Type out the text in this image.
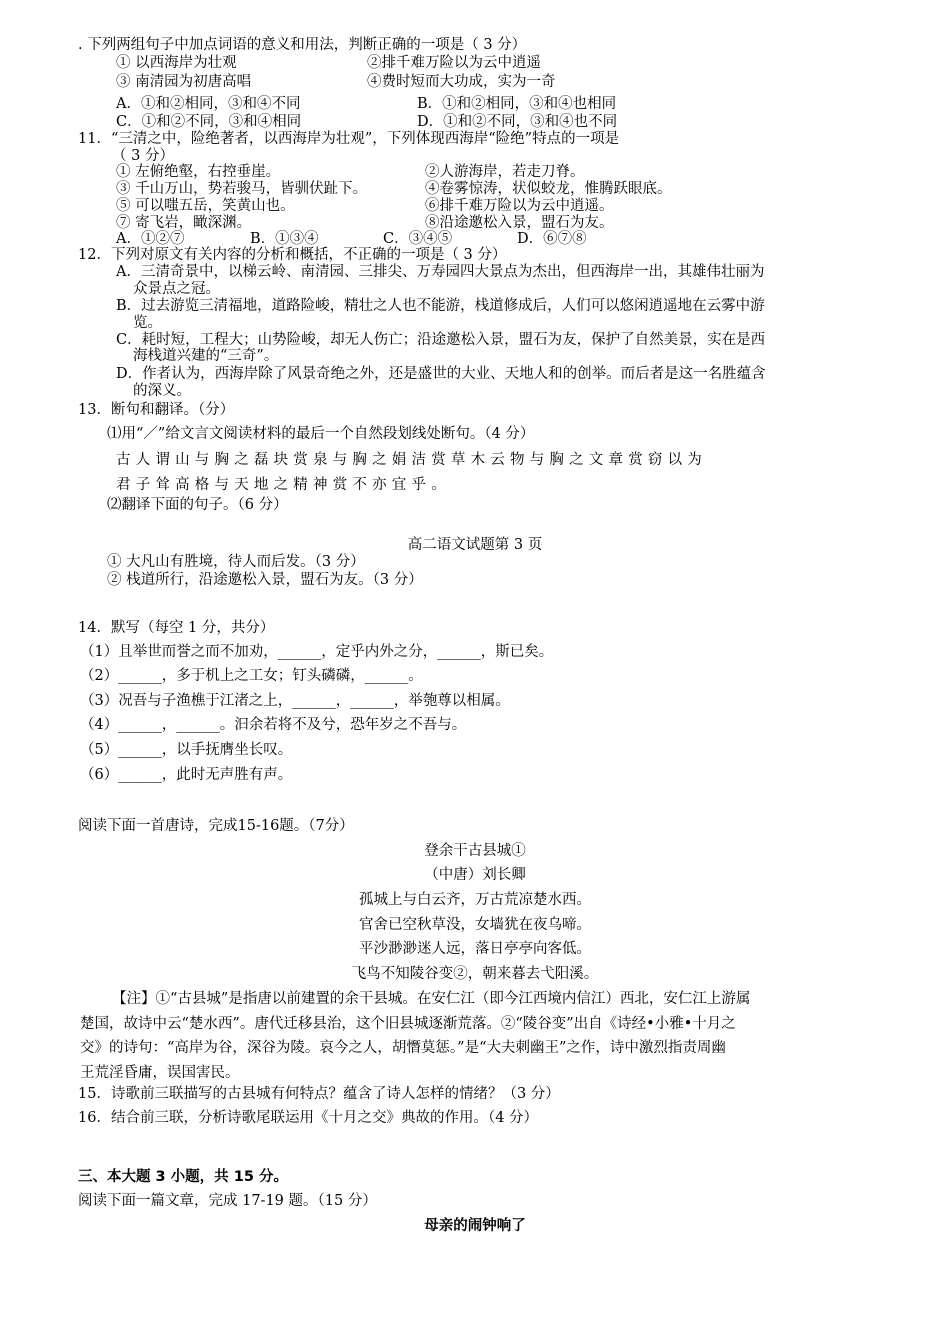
. 下列两组句子中加点词语的意义和用法，判断正确的一项是（ 3 分）
① 以西海岸为壮观	②排千难万险以为云中逍遥
③ 南清园为初唐高唱	④费时短而大功成，实为一奇
A．①和②相同，③和④不同	B．①和②相同，③和④也相同
C．①和②不同，③和④相同	D．①和②不同，③和④也不同
11．“三清之中，险绝著者，以西海岸为壮观”，下列体现西海岸“险绝”特点的一项是
（ 3 分）
① 左俯绝壑，右控垂崖。	②人游海岸，若走刀脊。
③ 千山万山，势若骏马，皆驯伏趾下。	④卷雾惊涛，状似蛟龙，惟腾跃眼底。
⑤ 可以嗤五岳，笑黄山也。	⑥排千难万险以为云中逍遥。
⑦ 寄飞岩，瞰深渊。	⑧沿途邀松入景，盟石为友。
A．①②⑦	B．①③④	C．③④⑤	D．⑥⑦⑧
12．下列对原文有关内容的分析和概括，不正确的一项是（ 3 分）
A．三清奇景中，以梯云岭、南清园、三排尖、万寿园四大景点为杰出，但西海岸一出，其雄伟壮丽为
众景点之冠。
B．过去游览三清福地，道路险峻，精壮之人也不能游，栈道修成后，人们可以悠闲逍遥地在云雾中游
览。
C．耗时短，工程大；山势险峻，却无人伤亡；沿途邀松入景，盟石为友，保护了自然美景，实在是西
海栈道兴建的“三奇”。
D．作者认为，西海岸除了风景奇绝之外，还是盛世的大业、天地人和的创举。而后者是这一名胜蕴含
的深义。
13．断句和翻译。（分）
⑴用“／”给文言文阅读材料的最后一个自然段划线处断句。（4 分）
古人谓山与胸之磊块赏泉与胸之娟洁赏草木云物与胸之文章赏窃以为
君子耸高格与天地之精神赏不亦宜乎。
⑵翻译下面的句子。（6 分）
高二语文试题第 3 页
① 大凡山有胜境，待人而后发。（3 分）
② 栈道所行，沿途邀松入景，盟石为友。（3 分）
14．默写（每空 1 分，共分）
（1）且举世而誉之而不加劝，______，定乎内外之分，______，斯已矣。
（2）______，多于机上之工女；钉头磷磷，______。
（3）况吾与子渔樵于江渚之上，______，______，举匏尊以相属。
（4）______，______。汩余若将不及兮，恐年岁之不吾与。
（5）______，以手抚膺坐长叹。
（6）______，此时无声胜有声。
阅读下面一首唐诗，完成15-16题。（7分）
登余干古县城①
（中唐）刘长卿
孤城上与白云齐，万古荒凉楚水西。
官舍已空秋草没，女墙犹在夜乌啼。
平沙渺渺迷人远，落日亭亭向客低。
飞鸟不知陵谷变②，朝来暮去弋阳溪。
【注】①“古县城”是指唐以前建置的余干县城。在安仁江（即今江西境内信江）西北，安仁江上游属
楚国，故诗中云“楚水西”。唐代迁移县治，这个旧县城逐渐荒落。②“陵谷变”出自《诗经•小雅•十月之
交》的诗句：“高岸为谷，深谷为陵。哀今之人，胡憯莫惩。”是“大夫刺幽王”之作，诗中激烈指责周幽
王荒淫昏庸，误国害民。
15．诗歌前三联描写的古县城有何特点？蕴含了诗人怎样的情绪？（3 分）
16．结合前三联，分析诗歌尾联运用《十月之交》典故的作用。（4 分）
三、本大题 3 小题，共 15 分。
阅读下面一篇文章，完成 17-19 题。（15 分）
母亲的闹钟响了
